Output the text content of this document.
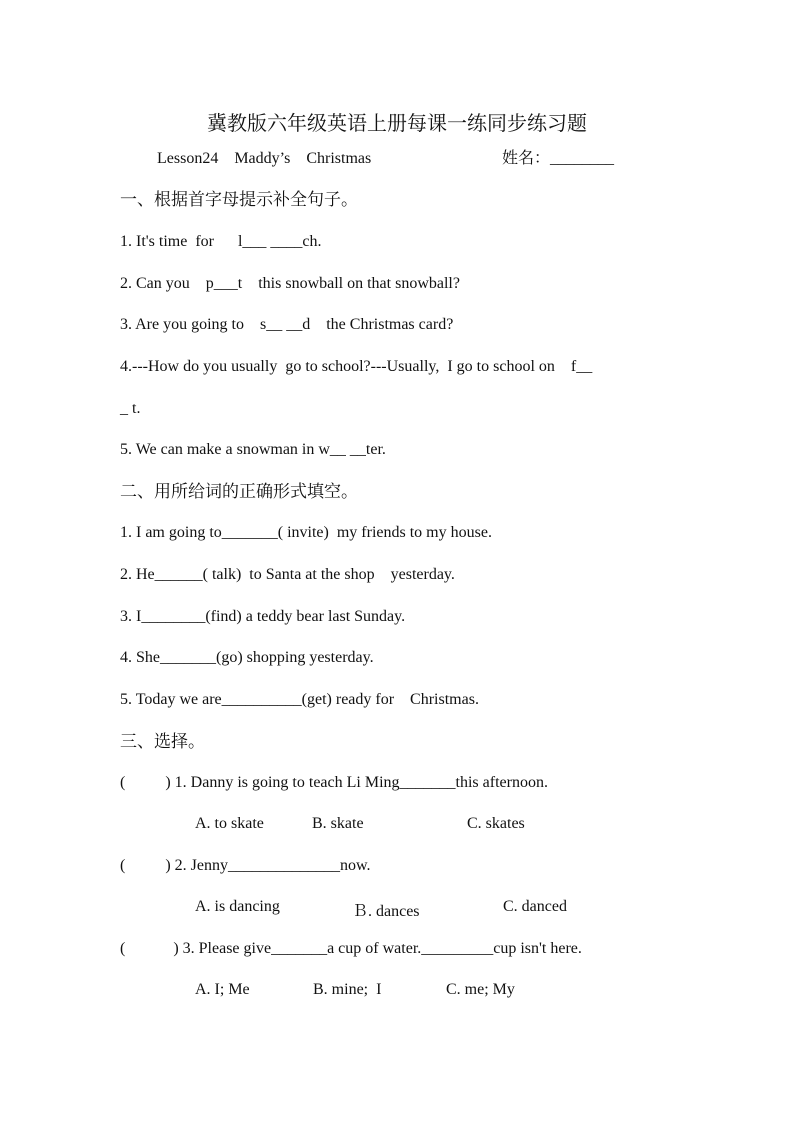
冀教版六年级英语上册每课一练同步练习题
Lesson24    Maddy’s    Christmas	姓名：________
一、根据首字母提示补全句子。
1. It's time  for      l___ ____ch.
2. Can you    p___t    this snowball on that snowball?
3. Are you going to    s__ __d    the Christmas card?
4.---How do you usually  go to school?---Usually,  I go to school on    f__
_ t.
5. We can make a snowman in w__ __ter.
二、用所给词的正确形式填空。
1. I am going to_______( invite)  my friends to my house.
2. He______( talk)  to Santa at the shop    yesterday.
3. I________(find) a teddy bear last Sunday.
4. She_______(go) shopping yesterday.
5. Today we are__________(get) ready for    Christmas.
三、选择。
(          ) 1. Danny is going to teach Li Ming_______this afternoon.
A. to skate	B. skate	C. skates
(          ) 2. Jenny______________now.
A. is dancing	Ｂ. dances	C. danced
(            ) 3. Please give_______a cup of water._________cup isn't here.
A. I; Me	B. mine;  I	C. me; My
